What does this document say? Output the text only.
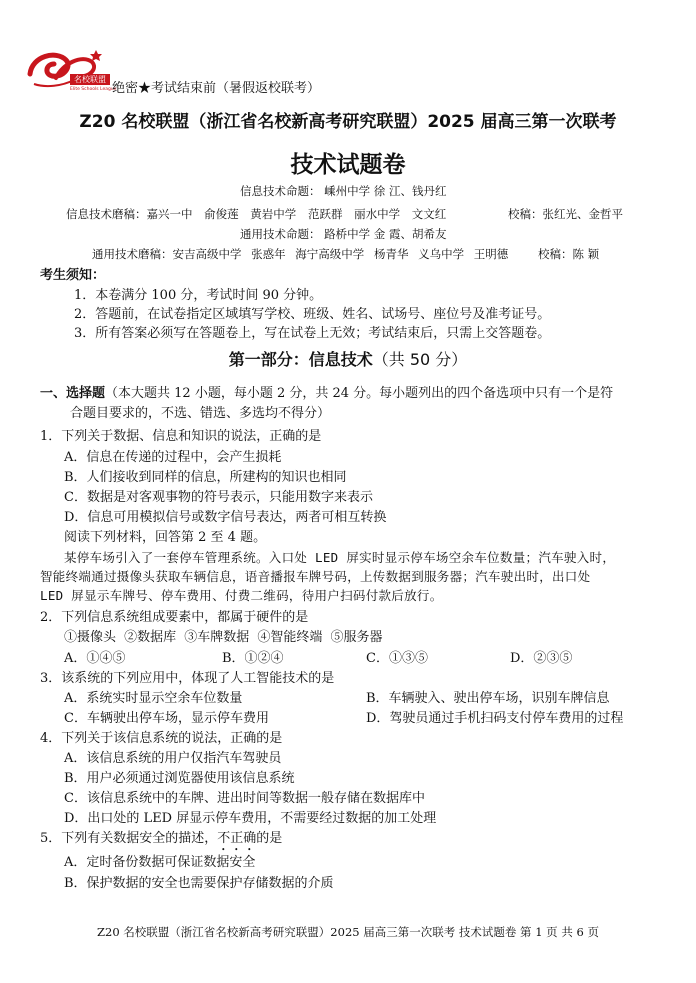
名校联盟
Elite Schools League
绝密★考试结束前（暑假返校联考）
Z20 名校联盟（浙江省名校新高考研究联盟）2025 届高三第一次联考
技术试题卷
信息技术命题： 嵊州中学 徐 江、钱丹红
信息技术磨稿：嘉兴一中 俞俊莲 黄岩中学 范跃群 丽水中学 文文红	校稿：张红光、金哲平
通用技术命题： 路桥中学 金 霞、胡希友
通用技术磨稿：安吉高级中学 张惑年 海宁高级中学 杨青华 义乌中学 王明德	校稿：陈 颖
考生须知：
1．本卷满分 100 分，考试时间 90 分钟。
2．答题前，在试卷指定区域填写学校、班级、姓名、试场号、座位号及准考证号。
3．所有答案必须写在答题卷上，写在试卷上无效；考试结束后，只需上交答题卷。
第一部分：信息技术（共 50 分）
一、选择题（本大题共 12 小题，每小题 2 分，共 24 分。每小题列出的四个备选项中只有一个是符
合题目要求的，不选、错选、多选均不得分）
1．下列关于数据、信息和知识的说法，正确的是
A．信息在传递的过程中，会产生损耗
B．人们接收到同样的信息，所建构的知识也相同
C．数据是对客观事物的符号表示，只能用数字来表示
D．信息可用模拟信号或数字信号表达，两者可相互转换
阅读下列材料，回答第 2 至 4 题。
某停车场引入了一套停车管理系统。入口处 LED 屏实时显示停车场空余车位数量；汽车驶入时，
智能终端通过摄像头获取车辆信息，语音播报车牌号码，上传数据到服务器；汽车驶出时，出口处
LED 屏显示车牌号、停车费用、付费二维码，待用户扫码付款后放行。
2．下列信息系统组成要素中，都属于硬件的是
①摄像头 ②数据库 ③车牌数据 ④智能终端 ⑤服务器
A．①④⑤	B．①②④	C．①③⑤	D．②③⑤
3．该系统的下列应用中，体现了人工智能技术的是
A．系统实时显示空余车位数量	B．车辆驶入、驶出停车场，识别车牌信息
C．车辆驶出停车场，显示停车费用	D．驾驶员通过手机扫码支付停车费用的过程
4．下列关于该信息系统的说法，正确的是
A．该信息系统的用户仅指汽车驾驶员
B．用户必须通过浏览器使用该信息系统
C．该信息系统中的车牌、进出时间等数据一般存储在数据库中
D．出口处的 LED 屏显示停车费用，不需要经过数据的加工处理
5．下列有关数据安全的描述，不正确的是
A．定时备份数据可保证数据安全
B．保护数据的安全也需要保护存储数据的介质
Z20 名校联盟（浙江省名校新高考研究联盟）2025 届高三第一次联考 技术试题卷 第 1 页 共 6 页
